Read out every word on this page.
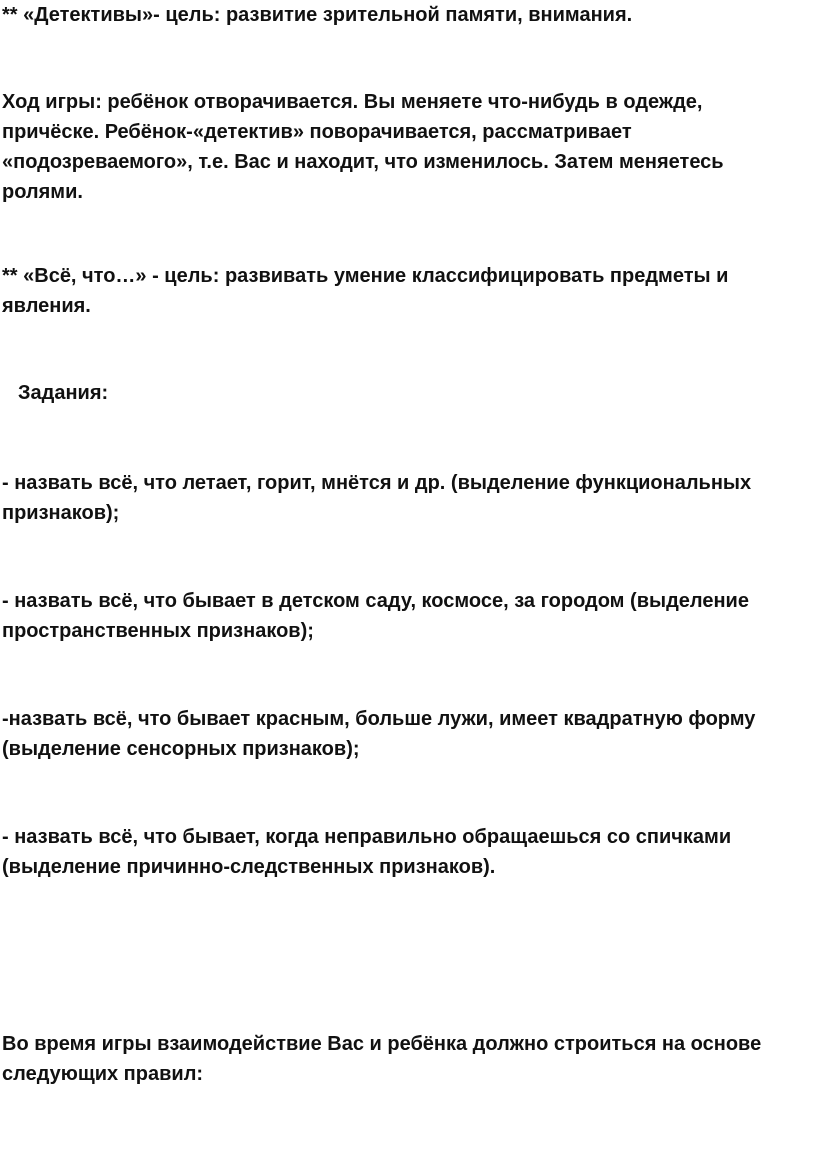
** «Детективы»- цель: развитие зрительной памяти, внимания.

Ход игры: ребёнок отворачивается. Вы меняете что-нибудь в одежде,
причёске. Ребёнок-«детектив» поворачивается, рассматривает
«подозреваемого», т.е. Вас и находит, что изменилось. Затем меняетесь
ролями.

** «Всё, что…» - цель: развивать умение классифицировать предметы и
явления.

Задания:

- назвать всё, что летает, горит, мнётся и др. (выделение функциональных
признаков);

- назвать всё, что бывает в детском саду, космосе, за городом (выделение
пространственных признаков);

-назвать всё, что бывает красным, больше лужи, имеет квадратную форму
(выделение сенсорных признаков);

- назвать всё, что бывает, когда неправильно обращаешься со спичками
(выделение причинно-следственных признаков).

Во время игры взаимодействие Вас и ребёнка должно строиться на основе
следующих правил:
